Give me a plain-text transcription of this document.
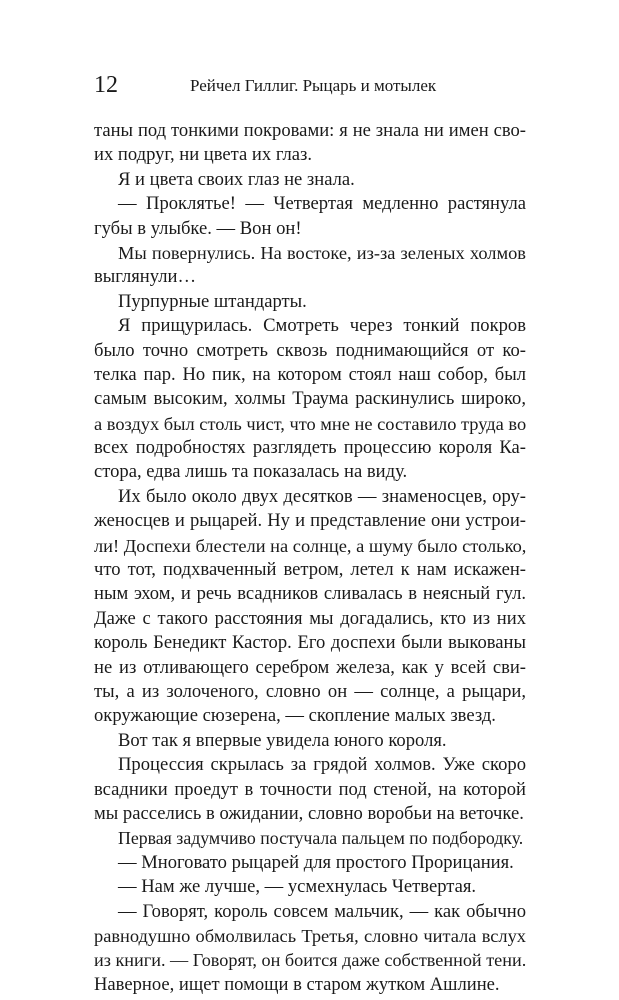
12	Рейчел Гиллиг. Рыцарь и мотылек
таны под тонкими покровами: я не знала ни имен сво-
их подруг, ни цвета их глаз.
Я и цвета своих глаз не знала.
— Проклятье! — Четвертая медленно растянула
губы в улыбке. — Вон он!
Мы повернулись. На востоке, из-за зеленых холмов
выглянули…
Пурпурные штандарты.
Я прищурилась. Смотреть через тонкий покров
было точно смотреть сквозь поднимающийся от ко-
телка пар. Но пик, на котором стоял наш собор, был
самым высоким, холмы Траума раскинулись широко,
а воздух был столь чист, что мне не составило труда во
всех подробностях разглядеть процессию короля Ка-
стора, едва лишь та показалась на виду.
Их было около двух десятков — знаменосцев, ору-
женосцев и рыцарей. Ну и представление они устрои-
ли! Доспехи блестели на солнце, а шуму было столько,
что тот, подхваченный ветром, летел к нам искажен-
ным эхом, и речь всадников сливалась в неясный гул.
Даже с такого расстояния мы догадались, кто из них
король Бенедикт Кастор. Его доспехи были выкованы
не из отливающего серебром железа, как у всей сви-
ты, а из золоченого, словно он — солнце, а рыцари,
окружающие сюзерена, — скопление малых звезд.
Вот так я впервые увидела юного короля.
Процессия скрылась за грядой холмов. Уже скоро
всадники проедут в точности под стеной, на которой
мы расселись в ожидании, словно воробьи на веточке.
Первая задумчиво постучала пальцем по подбородку.
— Многовато рыцарей для простого Прорицания.
— Нам же лучше, — усмехнулась Четвертая.
— Говорят, король совсем мальчик, — как обычно
равнодушно обмолвилась Третья, словно читала вслух
из книги. — Говорят, он боится даже собственной тени.
Наверное, ищет помощи в старом жутком Ашлине.
